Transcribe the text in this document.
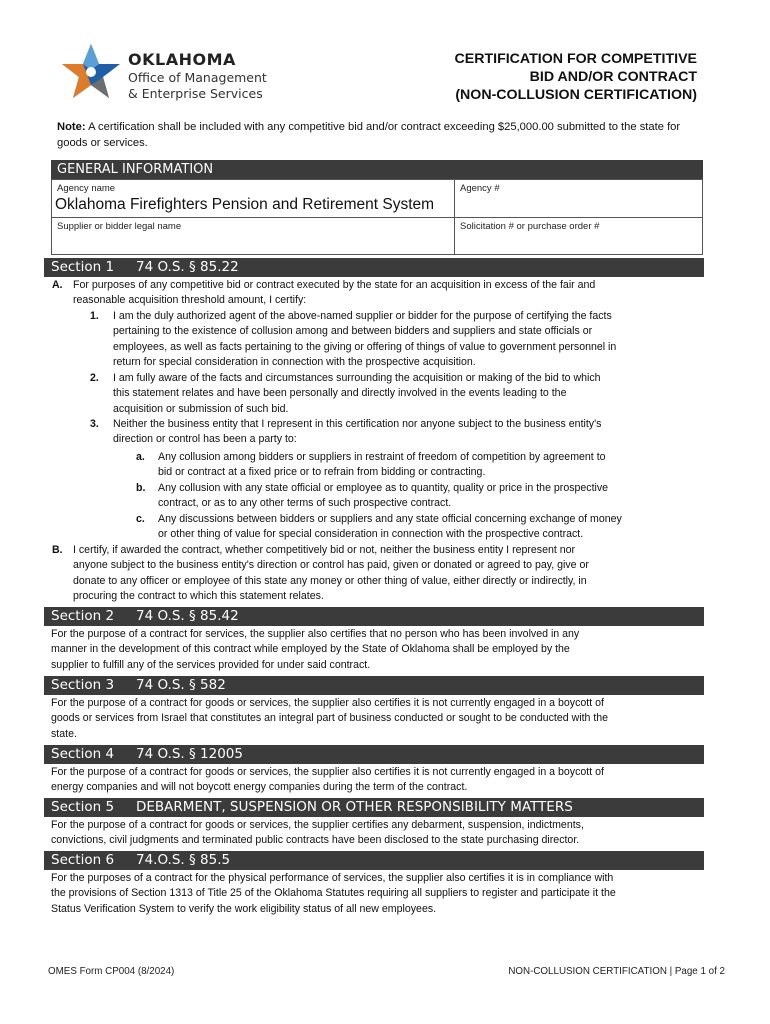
OKLAHOMA
Office of Management
& Enterprise Services
CERTIFICATION FOR COMPETITIVE
BID AND/OR CONTRACT
(NON-COLLUSION CERTIFICATION)
Note: A certification shall be included with any competitive bid and/or contract exceeding $25,000.00 submitted to the state for goods or services.
GENERAL INFORMATION
Agency name
Oklahoma Firefighters Pension and Retirement System
Agency #
Supplier or bidder legal name	Solicitation # or purchase order #
Section 1 74 O.S. § 85.22
A. For purposes of any competitive bid or contract executed by the state for an acquisition in excess of the fair and
reasonable acquisition threshold amount, I certify:
1. I am the duly authorized agent of the above-named supplier or bidder for the purpose of certifying the facts
pertaining to the existence of collusion among and between bidders and suppliers and state officials or
employees, as well as facts pertaining to the giving or offering of things of value to government personnel in
return for special consideration in connection with the prospective acquisition.
2. I am fully aware of the facts and circumstances surrounding the acquisition or making of the bid to which
this statement relates and have been personally and directly involved in the events leading to the
acquisition or submission of such bid.
3. Neither the business entity that I represent in this certification nor anyone subject to the business entity's
direction or control has been a party to:
a. Any collusion among bidders or suppliers in restraint of freedom of competition by agreement to
bid or contract at a fixed price or to refrain from bidding or contracting.
b. Any collusion with any state official or employee as to quantity, quality or price in the prospective
contract, or as to any other terms of such prospective contract.
c. Any discussions between bidders or suppliers and any state official concerning exchange of money
or other thing of value for special consideration in connection with the prospective contract.
B. I certify, if awarded the contract, whether competitively bid or not, neither the business entity I represent nor
anyone subject to the business entity's direction or control has paid, given or donated or agreed to pay, give or
donate to any officer or employee of this state any money or other thing of value, either directly or indirectly, in
procuring the contract to which this statement relates.
Section 2 74 O.S. § 85.42
For the purpose of a contract for services, the supplier also certifies that no person who has been involved in any
manner in the development of this contract while employed by the State of Oklahoma shall be employed by the
supplier to fulfill any of the services provided for under said contract.
Section 3 74 O.S. § 582
For the purpose of a contract for goods or services, the supplier also certifies it is not currently engaged in a boycott of
goods or services from Israel that constitutes an integral part of business conducted or sought to be conducted with the
state.
Section 4 74 O.S. § 12005
For the purpose of a contract for goods or services, the supplier also certifies it is not currently engaged in a boycott of
energy companies and will not boycott energy companies during the term of the contract.
Section 5 DEBARMENT, SUSPENSION OR OTHER RESPONSIBILITY MATTERS
For the purpose of a contract for goods or services, the supplier certifies any debarment, suspension, indictments,
convictions, civil judgments and terminated public contracts have been disclosed to the state purchasing director.
Section 6 74.O.S. § 85.5
For the purposes of a contract for the physical performance of services, the supplier also certifies it is in compliance with
the provisions of Section 1313 of Title 25 of the Oklahoma Statutes requiring all suppliers to register and participate it the
Status Verification System to verify the work eligibility status of all new employees.
OMES Form CP004 (8/2024)	NON-COLLUSION CERTIFICATION | Page 1 of 2
